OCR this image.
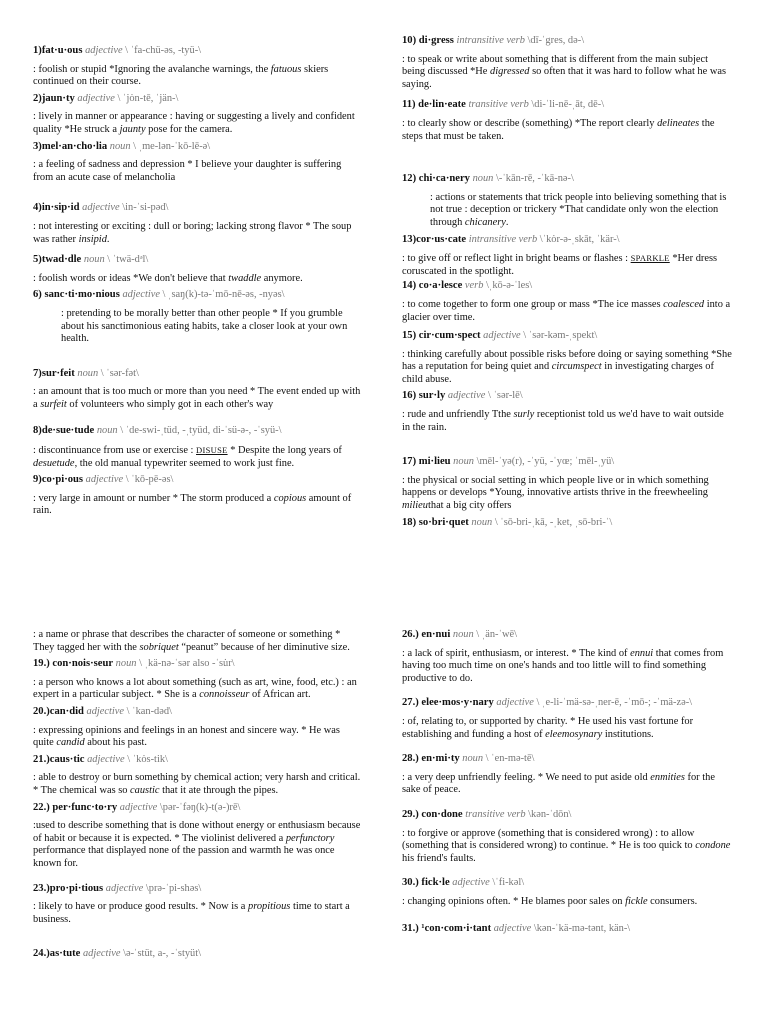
1)fat·u·ous adjective \ ˈfa-chü-əs, -tyü-\
: foolish or stupid *Ignoring the avalanche warnings, the fatuous skiers continued on their course.
2)jaun·ty adjective \ ˈjȯn-tē, ˈjän-\
: lively in manner or appearance : having or suggesting a lively and confident quality *He struck a jaunty pose for the camera.
3)mel·an·cho·lia noun \ ˌme-lən-ˈkō-lē-ə\
: a feeling of sadness and depression * I believe your daughter is suffering from an acute case of melancholia
4)in·sip·id adjective \in-ˈsi-pəd\
: not interesting or exciting : dull or boring; lacking strong flavor * The soup was rather insipid.
5)twad·dle noun \ ˈtwä-dᵊl\
: foolish words or ideas *We don't believe that twaddle anymore.
6) sanc·ti·mo·nious adjective \ ˌsaŋ(k)-tə-ˈmō-nē-əs, -nyəs\
: pretending to be morally better than other people * If you grumble about his sanctimonious eating habits, take a closer look at your own health.
7)sur·feit noun \ ˈsər-fət\
: an amount that is too much or more than you need * The event ended up with a surfeit of volunteers who simply got in each other's way
8)de·sue·tude noun \ ˈde-swi-ˌtüd, -ˌtyüd, di-ˈsü-ə-, -ˈsyü-\
: discontinuance from use or exercise : DISUSE * Despite the long years of desuetude, the old manual typewriter seemed to work just fine.
9)co·pi·ous adjective \ ˈkō-pē-əs\
: very large in amount or number * The storm produced a copious amount of rain.
10) di·gress intransitive verb \dī-ˈgres, də-\
: to speak or write about something that is different from the main subject being discussed *He digressed so often that it was hard to follow what he was saying.
11) de·lin·eate transitive verb \di-ˈli-nē-ˌāt, dē-\
: to clearly show or describe (something) *The report clearly delineates the steps that must be taken.
12) chi·ca·nery noun \-ˈkān-rē, -ˈkā-nə-\
: actions or statements that trick people into believing something that is not true : deception or trickery *That candidate only won the election through chicanery.
13)cor·us·cate intransitive verb \ˈkȯr-ə-ˌskāt, ˈkär-\
: to give off or reflect light in bright beams or flashes : SPARKLE *Her dress coruscated in the spotlight.
14) co·a·lesce verb \ˌkō-ə-ˈles\
: to come together to form one group or mass *The ice masses coalesced into a glacier over time.
15) cir·cum·spect adjective \ ˈsər-kəm-ˌspekt\
: thinking carefully about possible risks before doing or saying something *She has a reputation for being quiet and circumspect in investigating charges of child abuse.
16) sur·ly adjective \ ˈsər-lē\
: rude and unfriendly Tthe surly receptionist told us we'd have to wait outside in the rain.
17) mi·lieu noun \mēl-ˈyə(r), -ˈyü, -ˈyœ; ˈmēl-ˌyü\
: the physical or social setting in which people live or in which something happens or develops *Young, innovative artists thrive in the freewheeling milieuthat a big city offers
18) so·bri·quet noun \ ˈsō-bri-ˌkā, -ˌket, ˌsō-bri-ˈ\
: a name or phrase that describes the character of someone or something * They tagged her with the sobriquet “peanut” because of her diminutive size.
19.) con·nois·seur noun \ ˌkä-nə-ˈsər also -ˈsu̇r\
: a person who knows a lot about something (such as art, wine, food, etc.) : an expert in a particular subject. * She is a connoisseur of African art.
20.)can·did adjective \ ˈkan-dəd\
: expressing opinions and feelings in an honest and sincere way. * He was quite candid about his past.
21.)caus·tic adjective \ ˈkȯs-tik\
: able to destroy or burn something by chemical action; very harsh and critical. * The chemical was so caustic that it ate through the pipes.
22.) per·func·to·ry adjective \pər-ˈfəŋ(k)-t(ə-)rē\
:used to describe something that is done without energy or enthusiasm because of habit or because it is expected. * The violinist delivered a perfunctory performance that displayed none of the passion and warmth he was once known for.
23.)pro·pi·tious adjective \prə-ˈpi-shəs\
: likely to have or produce good results. * Now is a propitious time to start a business.
24.)as·tute adjective \ə-ˈstüt, a-, -ˈstyüt\
26.) en·nui noun \ ˌän-ˈwē\
: a lack of spirit, enthusiasm, or interest. * The kind of ennui that comes from having too much time on one's hands and too little will to find something productive to do.
27.) elee·mos·y·nary adjective \ ˌe-li-ˈmä-sə-ˌner-ē, -ˈmō-; -ˈmä-zə-\
: of, relating to, or supported by charity. * He used his vast fortune for establishing and funding a host of eleemosynary institutions.
28.) en·mi·ty noun \ ˈen-mə-tē\
: a very deep unfriendly feeling. * We need to put aside old enmities for the sake of peace.
29.) con·done transitive verb \kən-ˈdōn\
: to forgive or approve (something that is considered wrong) : to allow (something that is considered wrong) to continue. * He is too quick to condone his friend's faults.
30.) fick·le adjective \ˈfi-kəl\
: changing opinions often. * He blames poor sales on fickle consumers.
31.) ¹con·com·i·tant adjective \kən-ˈkä-mə-tənt, kän-\
